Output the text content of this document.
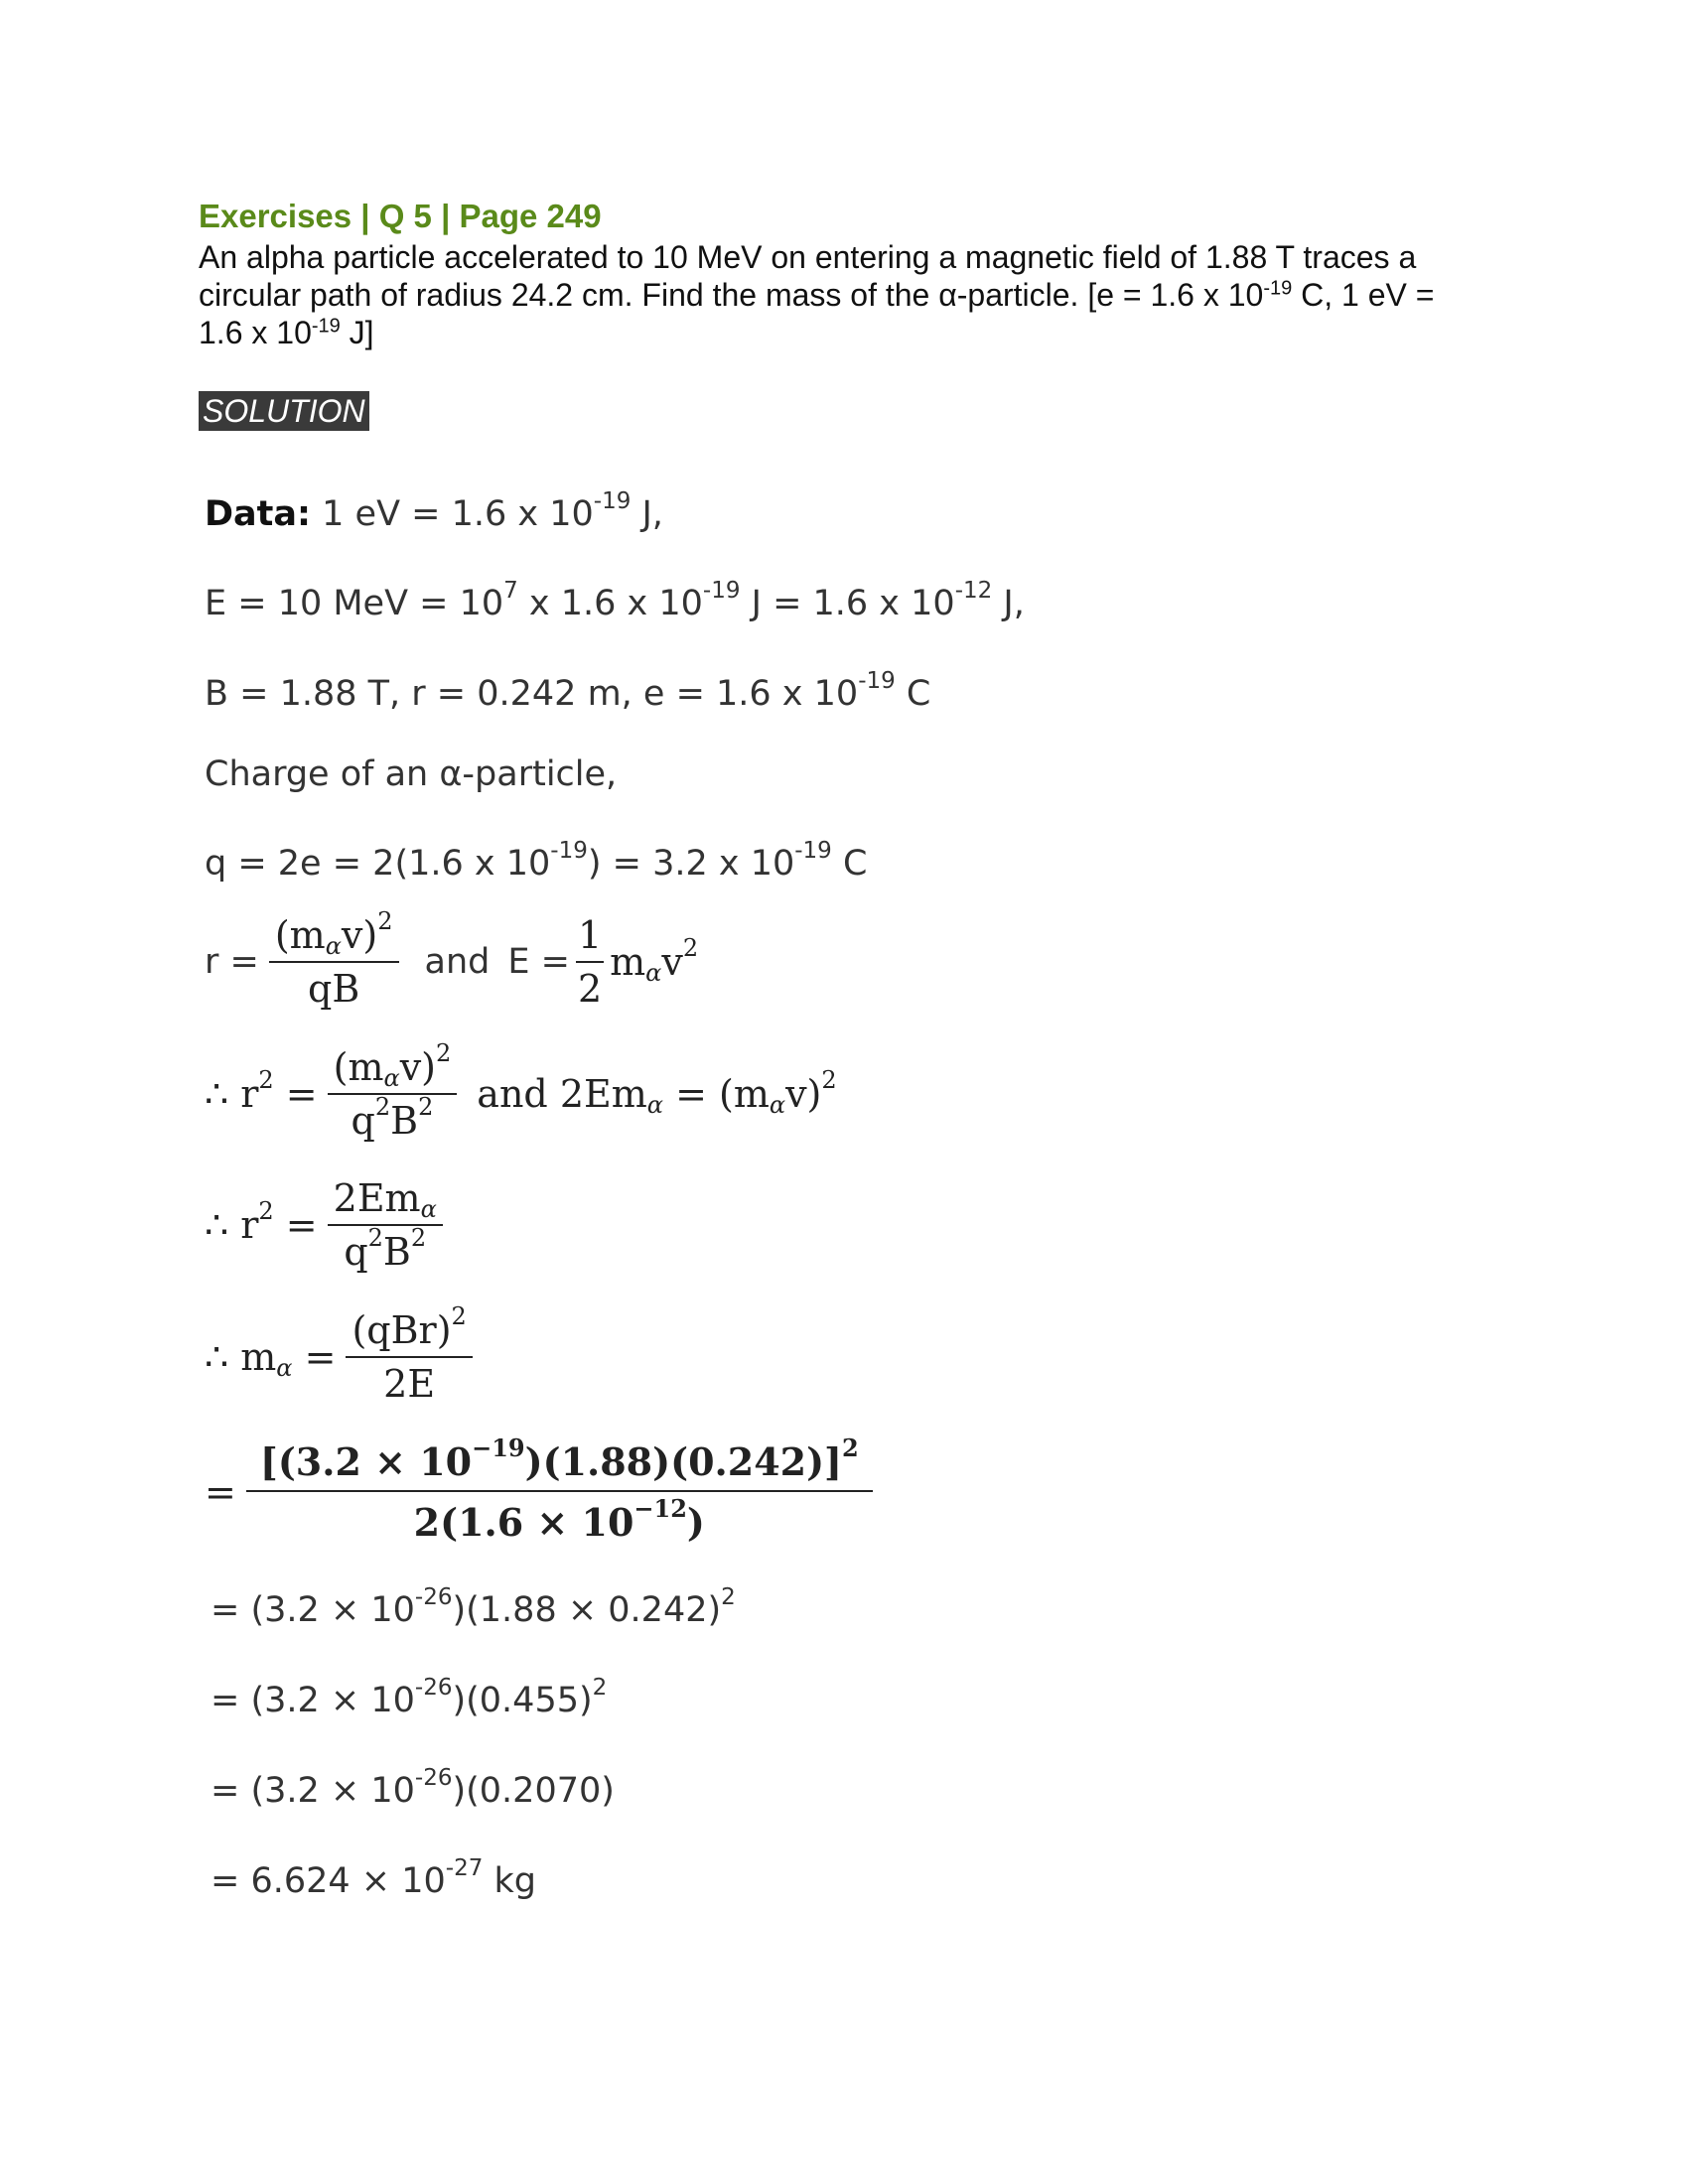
Exercises | Q 5 | Page 249
An alpha particle accelerated to 10 MeV on entering a magnetic field of 1.88 T traces a
circular path of radius 24.2 cm. Find the mass of the α-particle. [e = 1.6 x $10^{-19}$ C, 1 eV =
1.6 x $10^{-19}$ J]
SOLUTION
Data: 1 eV = 1.6 x $10^{-19}$ J,
E = 10 MeV = $10^7$ x 1.6 x $10^{-19}$ J = 1.6 x $10^{-12}$ J,
B = 1.88 T, r = 0.242 m, e = 1.6 x $10^{-19}$ C
Charge of an α-particle,
q = 2e = 2(1.6 x $10^{-19}) = 3.2$ x $10^{-19}$ C
$r = \frac{(m_\alpha v)^2}{qB}$ and $E = \frac{1}{2} m_\alpha v^2$
∴ $r^2 = \frac{(m_\alpha v)^2}{q^2B^2}$ and $2Em_\alpha = (m_\alpha v)^2$
∴ $r^2 = \frac{2Em_\alpha}{q^2B^2}$
∴ $m_\alpha = \frac{(qBr)^2}{2E}$
= $\frac{[(3.2 \times 10^{-19})(1.88)(0.242)]^2}{2(1.6 \times 10^{-12})}$
= $(3.2 \times 10^{-26})(1.88 \times 0.242)^2$
= $(3.2 \times 10^{-26})(0.455)^2$
= $(3.2 \times 10^{-26})(0.2070)$
= $6.624 \times 10^{-27}$ kg
